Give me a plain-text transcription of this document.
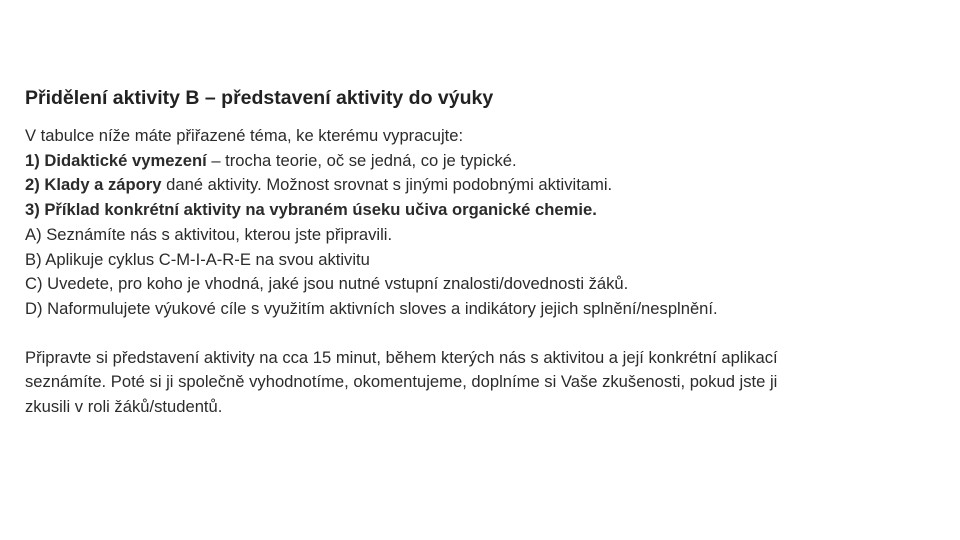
Přidělení aktivity B – představení aktivity do výuky
V tabulce níže máte přiřazené téma, ke kterému vypracujte:
1) Didaktické vymezení – trocha teorie, oč se jedná, co je typické.
2) Klady a zápory dané aktivity. Možnost srovnat s jinými podobnými aktivitami.
3) Příklad konkrétní aktivity na vybraném úseku učiva organické chemie.
A) Seznámíte nás s aktivitou, kterou jste připravili.
B) Aplikuje cyklus C-M-I-A-R-E na svou aktivitu
C) Uvedete, pro koho je vhodná, jaké jsou nutné vstupní znalosti/dovednosti žáků.
D) Naformulujete výukové cíle s využitím aktivních sloves a indikátory jejich splnění/nesplnění.
Připravte si představení aktivity na cca 15 minut, během kterých nás s aktivitou a její konkrétní aplikací
seznámíte. Poté si ji společně vyhodnotíme, okomentujeme, doplníme si Vaše zkušenosti, pokud jste ji
zkusili v roli žáků/studentů.
